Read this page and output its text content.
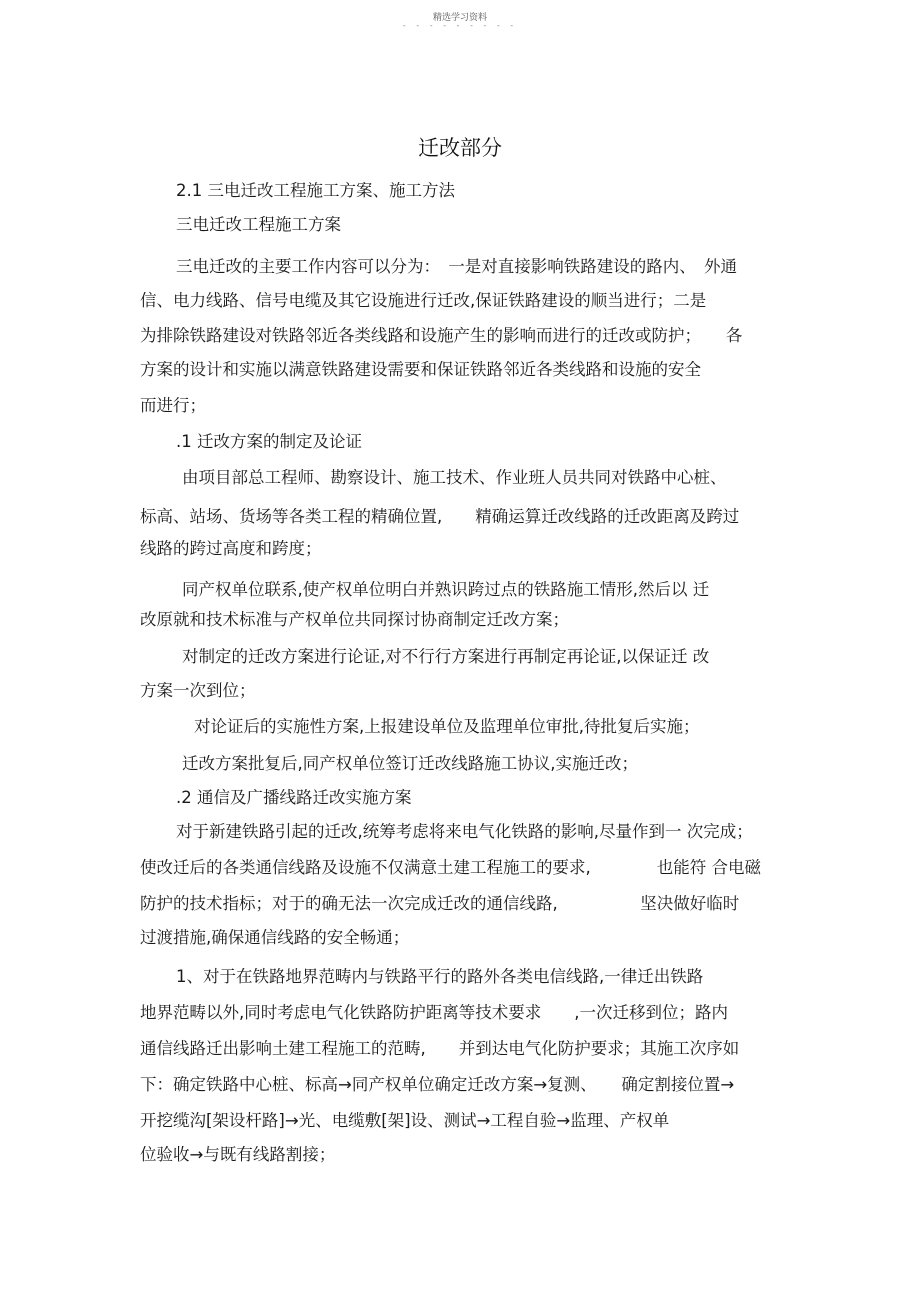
精选学习资料
- - - - - - - - -
迁改部分
2.1 三电迁改工程施工方案、施工方法
三电迁改工程施工方案
三电迁改的主要工作内容可以分为：　一是对直接影响铁路建设的路内、　外通
信、电力线路、信号电缆及其它设施进行迁改,保证铁路建设的顺当进行；二是
为排除铁路建设对铁路邻近各类线路和设施产生的影响而进行的迁改或防护；　　各
方案的设计和实施以满意铁路建设需要和保证铁路邻近各类线路和设施的安全
而进行；
.1 迁改方案的制定及论证
由项目部总工程师、勘察设计、施工技术、作业班人员共同对铁路中心桩、
标高、站场、货场等各类工程的精确位置,　　精确运算迁改线路的迁改距离及跨过
线路的跨过高度和跨度；
同产权单位联系,使产权单位明白并熟识跨过点的铁路施工情形,然后以 迁
改原就和技术标准与产权单位共同探讨协商制定迁改方案；
对制定的迁改方案进行论证,对不行行方案进行再制定再论证,以保证迁 改
方案一次到位；
对论证后的实施性方案,上报建设单位及监理单位审批,待批复后实施；
迁改方案批复后,同产权单位签订迁改线路施工协议,实施迁改；
.2 通信及广播线路迁改实施方案
对于新建铁路引起的迁改,统筹考虑将来电气化铁路的影响,尽量作到一 次完成；
使改迁后的各类通信线路及设施不仅满意土建工程施工的要求,　　　　也能符 合电磁
防护的技术指标；对于的确无法一次完成迁改的通信线路,　　　　　坚决做好临时
过渡措施,确保通信线路的安全畅通；
1、对于在铁路地界范畴内与铁路平行的路外各类电信线路,一律迁出铁路
地界范畴以外,同时考虑电气化铁路防护距离等技术要求　　,一次迁移到位；路内
通信线路迁出影响土建工程施工的范畴,　　并到达电气化防护要求；其施工次序如
下：确定铁路中心桩、标高→同产权单位确定迁改方案→复测、　　确定割接位置→
开挖缆沟[架设杆路]→光、电缆敷[架]设、测试→工程自验→监理、产权单
位验收→与既有线路割接；
